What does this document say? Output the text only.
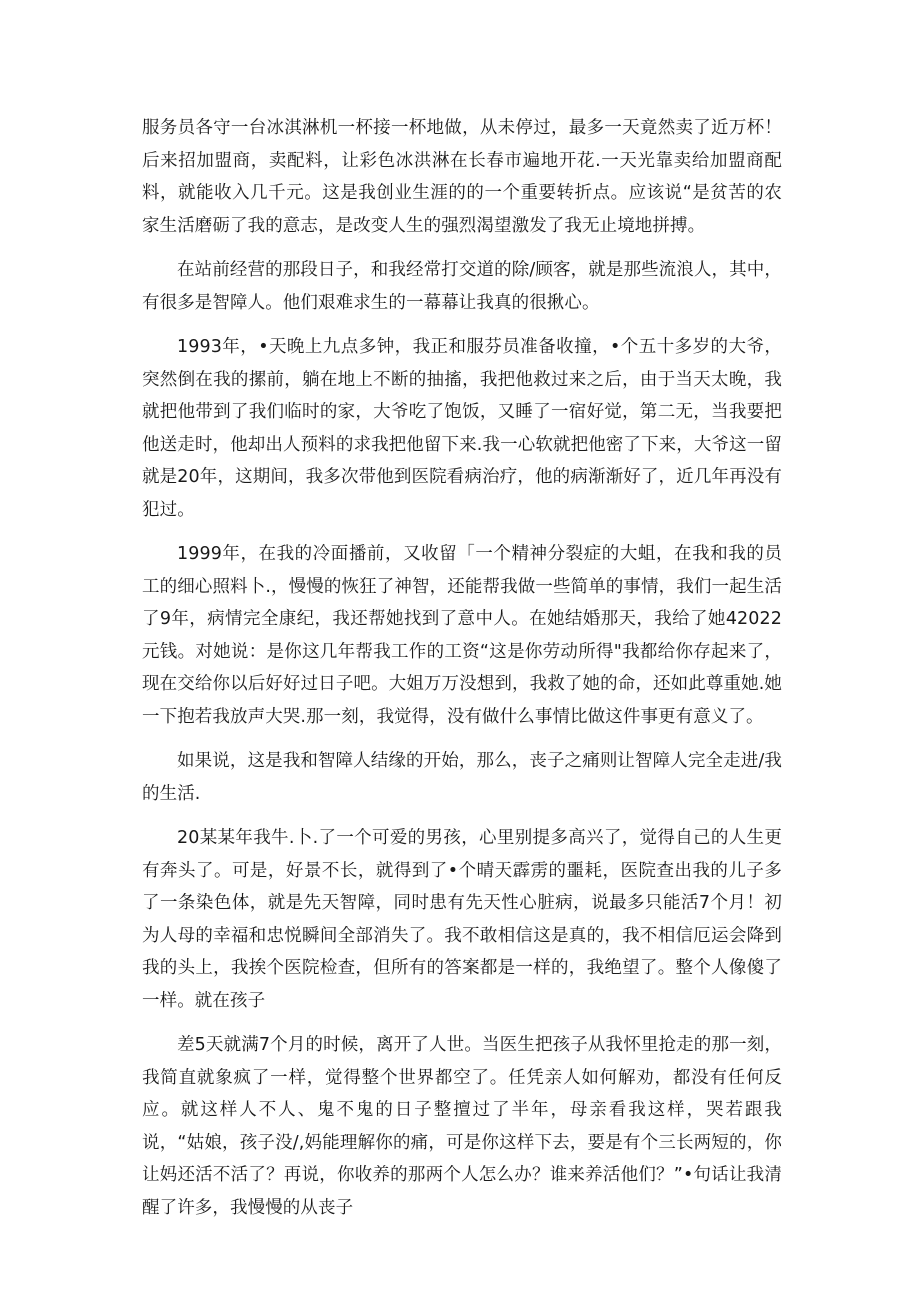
服务员各守一台冰淇淋机一杯接一杯地做，从未停过，最多一天竟然卖了近万杯！后来招加盟商，卖配料，让彩色冰洪淋在长春市遍地开花.一天光靠卖给加盟商配料，就能收入几千元。这是我创业生涯的的一个重要转折点。应该说“是贫苦的农家生活磨砺了我的意志，是改变人生的强烈渴望激发了我无止境地拼搏。

在站前经营的那段日子，和我经常打交道的除/顾客，就是那些流浪人，其中，有很多是智障人。他们艰难求生的一幕幕让我真的很揪心。

1993年，•天晚上九点多钟，我正和服芬员准备收撞，•个五十多岁的大爷，突然倒在我的摞前，躺在地上不断的抽搐，我把他救过来之后，由于当天太晚，我就把他带到了我们临时的家，大爷吃了饱饭，又睡了一宿好觉，第二无，当我要把他送走时，他却出人预料的求我把他留下来.我一心软就把他密了下来，大爷这一留就是20年，这期间，我多次带他到医院看病治疗，他的病渐渐好了，近几年再没有犯过。

1999年，在我的冷面播前，又收留「一个精神分裂症的大蛆，在我和我的员工的细心照料卜.，慢慢的恢狂了神智，还能帮我做一些简单的事情，我们一起生活了9年，病情完全康纪，我还帮她找到了意中人。在她结婚那天，我给了她42022元钱。对她说：是你这几年帮我工作的工资“这是你劳动所得"我都给你存起来了，现在交给你以后好好过日子吧。大姐万万没想到，我救了她的命，还如此尊重她.她一下抱若我放声大哭.那一刻，我觉得，没有做什么事情比做这件事更有意义了。

如果说，这是我和智障人结缘的开始，那么，丧子之痛则让智障人完全走进/我的生活.

20某某年我牛.卜.了一个可爱的男孩，心里别提多高兴了，觉得自己的人生更有奔头了。可是，好景不长，就得到了•个晴天霹雳的噩耗，医院查出我的儿子多了一条染色体，就是先天智障，同时患有先天性心脏病，说最多只能活7个月！初为人母的幸福和忠悦瞬间全部消失了。我不敢相信这是真的，我不相信厄运会降到我的头上，我挨个医院检查，但所有的答案都是一样的，我绝望了。整个人像傻了一样。就在孩子

差5天就满7个月的时候，离开了人世。当医生把孩子从我怀里抢走的那一刻，我简直就象疯了一样，觉得整个世界都空了。任凭亲人如何解劝，都没有任何反应。就这样人不人、鬼不鬼的日子整擅过了半年，母亲看我这样，哭若跟我说，“姑娘，孩子没/,妈能理解你的痛，可是你这样下去，要是有个三长两短的，你让妈还活不活了？再说，你收养的那两个人怎么办？谁来养活他们？”•句话让我清醒了许多，我慢慢的从丧子
